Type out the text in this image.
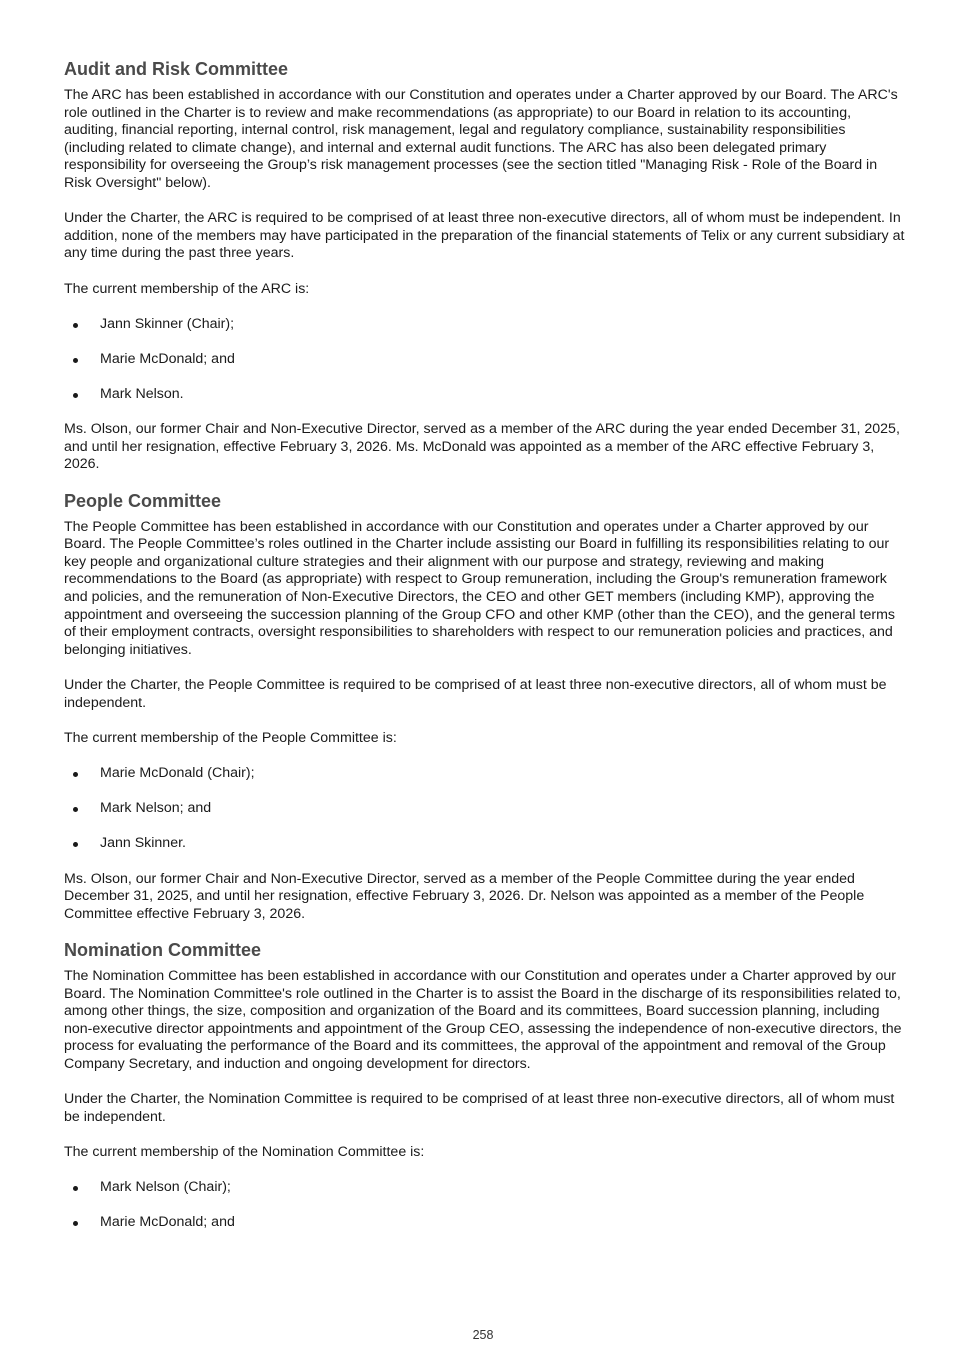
Audit and Risk Committee

The ARC has been established in accordance with our Constitution and operates under a Charter approved by our Board. The ARC's role outlined in the Charter is to review and make recommendations (as appropriate) to our Board in relation to its accounting, auditing, financial reporting, internal control, risk management, legal and regulatory compliance, sustainability responsibilities (including related to climate change), and internal and external audit functions. The ARC has also been delegated primary responsibility for overseeing the Group’s risk management processes (see the section titled "Managing Risk - Role of the Board in Risk Oversight" below).

Under the Charter, the ARC is required to be comprised of at least three non-executive directors, all of whom must be independent. In addition, none of the members may have participated in the preparation of the financial statements of Telix or any current subsidiary at any time during the past three years.

The current membership of the ARC is:

Jann Skinner (Chair);
Marie McDonald; and
Mark Nelson.

Ms. Olson, our former Chair and Non-Executive Director, served as a member of the ARC during the year ended December 31, 2025, and until her resignation, effective February 3, 2026. Ms. McDonald was appointed as a member of the ARC effective February 3, 2026.

People Committee

The People Committee has been established in accordance with our Constitution and operates under a Charter approved by our Board. The People Committee’s roles outlined in the Charter include assisting our Board in fulfilling its responsibilities relating to our key people and organizational culture strategies and their alignment with our purpose and strategy, reviewing and making recommendations to the Board (as appropriate) with respect to Group remuneration, including the Group's remuneration framework and policies, and the remuneration of Non-Executive Directors, the CEO and other GET members (including KMP), approving the appointment and overseeing the succession planning of the Group CFO and other KMP (other than the CEO), and the general terms of their employment contracts, oversight responsibilities to shareholders with respect to our remuneration policies and practices, and belonging initiatives.

Under the Charter, the People Committee is required to be comprised of at least three non-executive directors, all of whom must be independent.

The current membership of the People Committee is:

Marie McDonald (Chair);
Mark Nelson; and
Jann Skinner.

Ms. Olson, our former Chair and Non-Executive Director, served as a member of the People Committee during the year ended December 31, 2025, and until her resignation, effective February 3, 2026. Dr. Nelson was appointed as a member of the People Committee effective February 3, 2026.

Nomination Committee

The Nomination Committee has been established in accordance with our Constitution and operates under a Charter approved by our Board. The Nomination Committee's role outlined in the Charter is to assist the Board in the discharge of its responsibilities related to, among other things, the size, composition and organization of the Board and its committees, Board succession planning, including non-executive director appointments and appointment of the Group CEO, assessing the independence of non-executive directors, the process for evaluating the performance of the Board and its committees, the approval of the appointment and removal of the Group Company Secretary, and induction and ongoing development for directors.

Under the Charter, the Nomination Committee is required to be comprised of at least three non-executive directors, all of whom must be independent.

The current membership of the Nomination Committee is:

Mark Nelson (Chair);
Marie McDonald; and
258
